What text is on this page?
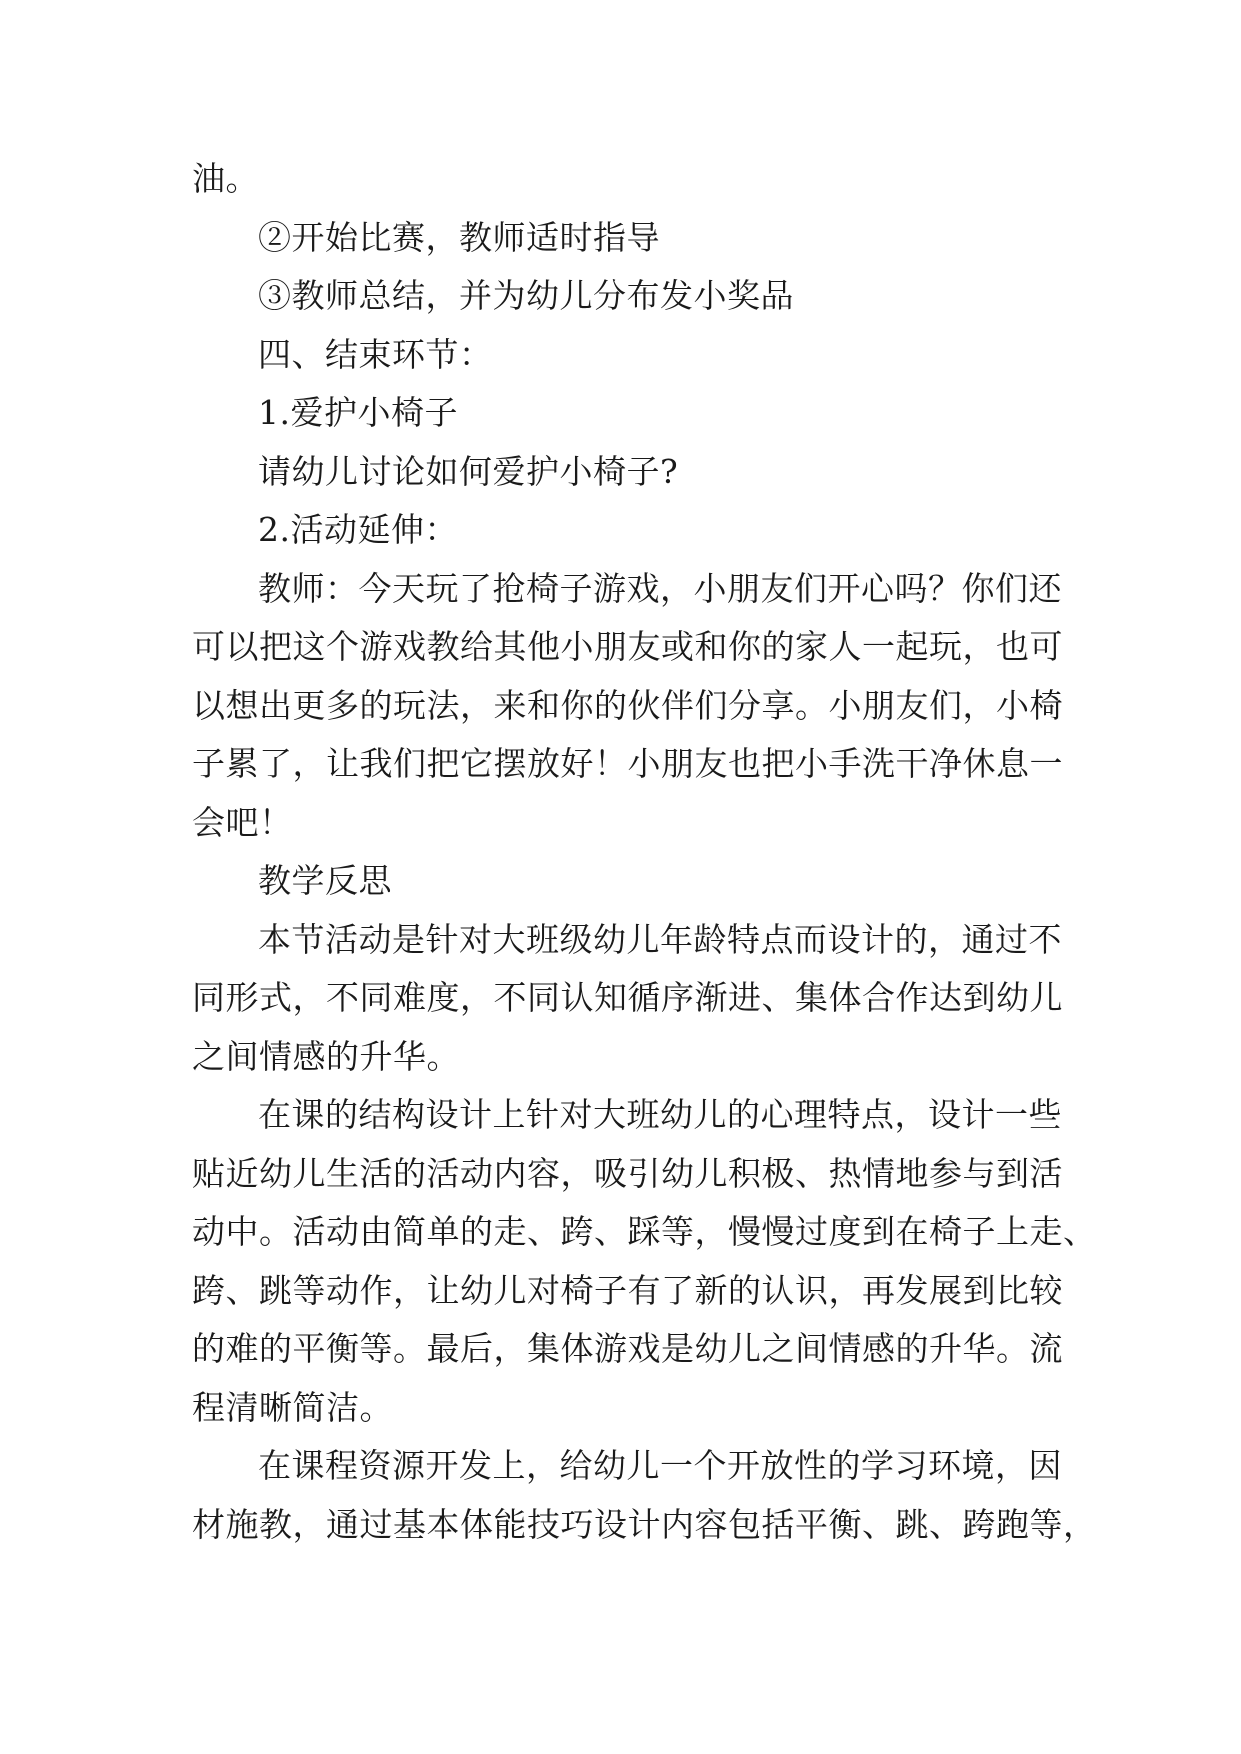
油。
②开始比赛，教师适时指导
③教师总结，并为幼儿分布发小奖品
四、结束环节：
1.爱护小椅子
请幼儿讨论如何爱护小椅子?
2.活动延伸：
教师：今天玩了抢椅子游戏，小朋友们开心吗？你们还
可以把这个游戏教给其他小朋友或和你的家人一起玩，也可
以想出更多的玩法，来和你的伙伴们分享。小朋友们，小椅
子累了，让我们把它摆放好！小朋友也把小手洗干净休息一
会吧！
教学反思
本节活动是针对大班级幼儿年龄特点而设计的，通过不
同形式，不同难度，不同认知循序渐进、集体合作达到幼儿
之间情感的升华。
在课的结构设计上针对大班幼儿的心理特点，设计一些
贴近幼儿生活的活动内容，吸引幼儿积极、热情地参与到活
动中。活动由简单的走、跨、踩等，慢慢过度到在椅子上走、
跨、跳等动作，让幼儿对椅子有了新的认识，再发展到比较
的难的平衡等。最后，集体游戏是幼儿之间情感的升华。流
程清晰简洁。
在课程资源开发上，给幼儿一个开放性的学习环境，因
材施教，通过基本体能技巧设计内容包括平衡、跳、跨跑等，
